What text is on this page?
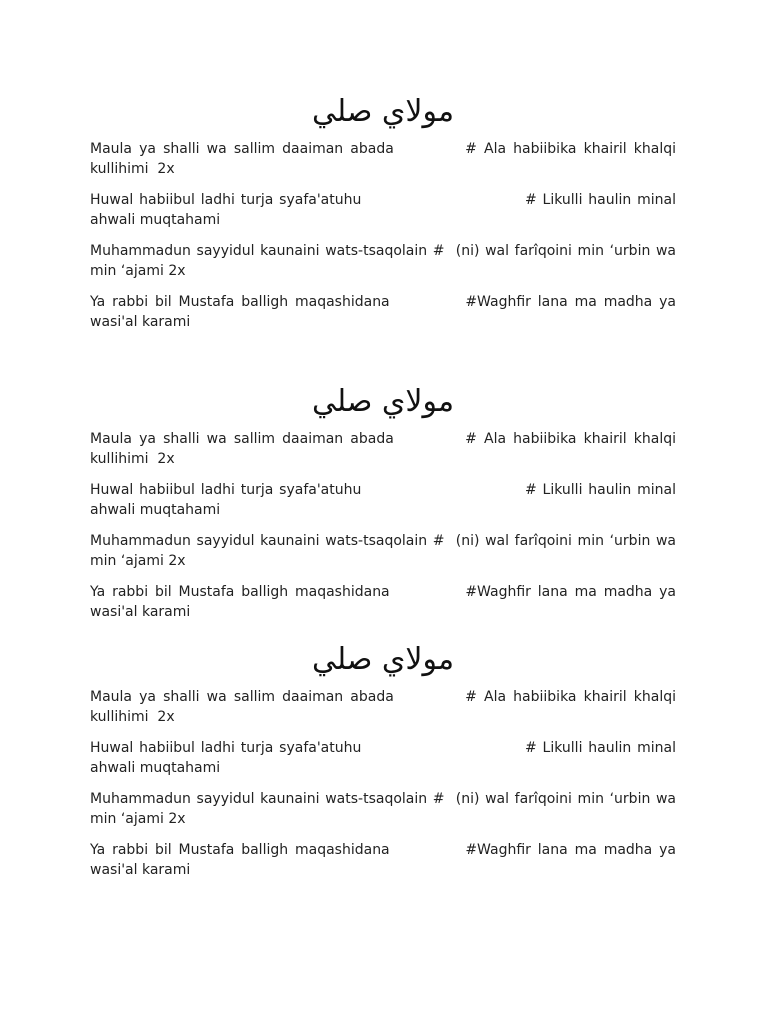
مولاي صلي

Maula ya shalli wa sallim daaiman abada          # Ala habiibika khairil khalqi kullihimi  2x

Huwal habiibul ladhi turja syafa'atuhu                            # Likulli haulin minal ahwali muqtahami

Muhammadun sayyidul kaunaini wats-tsaqolain #  (ni) wal farîqoini min ‘urbin wa min ‘ajami 2x

Ya rabbi bil Mustafa balligh maqashidana           #Waghfir lana ma madha ya wasi'al karami

مولاي صلي

Maula ya shalli wa sallim daaiman abada          # Ala habiibika khairil khalqi kullihimi  2x

Huwal habiibul ladhi turja syafa'atuhu                            # Likulli haulin minal ahwali muqtahami

Muhammadun sayyidul kaunaini wats-tsaqolain #  (ni) wal farîqoini min ‘urbin wa min ‘ajami 2x

Ya rabbi bil Mustafa balligh maqashidana           #Waghfir lana ma madha ya wasi'al karami

مولاي صلي

Maula ya shalli wa sallim daaiman abada          # Ala habiibika khairil khalqi kullihimi  2x

Huwal habiibul ladhi turja syafa'atuhu                            # Likulli haulin minal ahwali muqtahami

Muhammadun sayyidul kaunaini wats-tsaqolain #  (ni) wal farîqoini min ‘urbin wa min ‘ajami 2x

Ya rabbi bil Mustafa balligh maqashidana           #Waghfir lana ma madha ya wasi'al karami
